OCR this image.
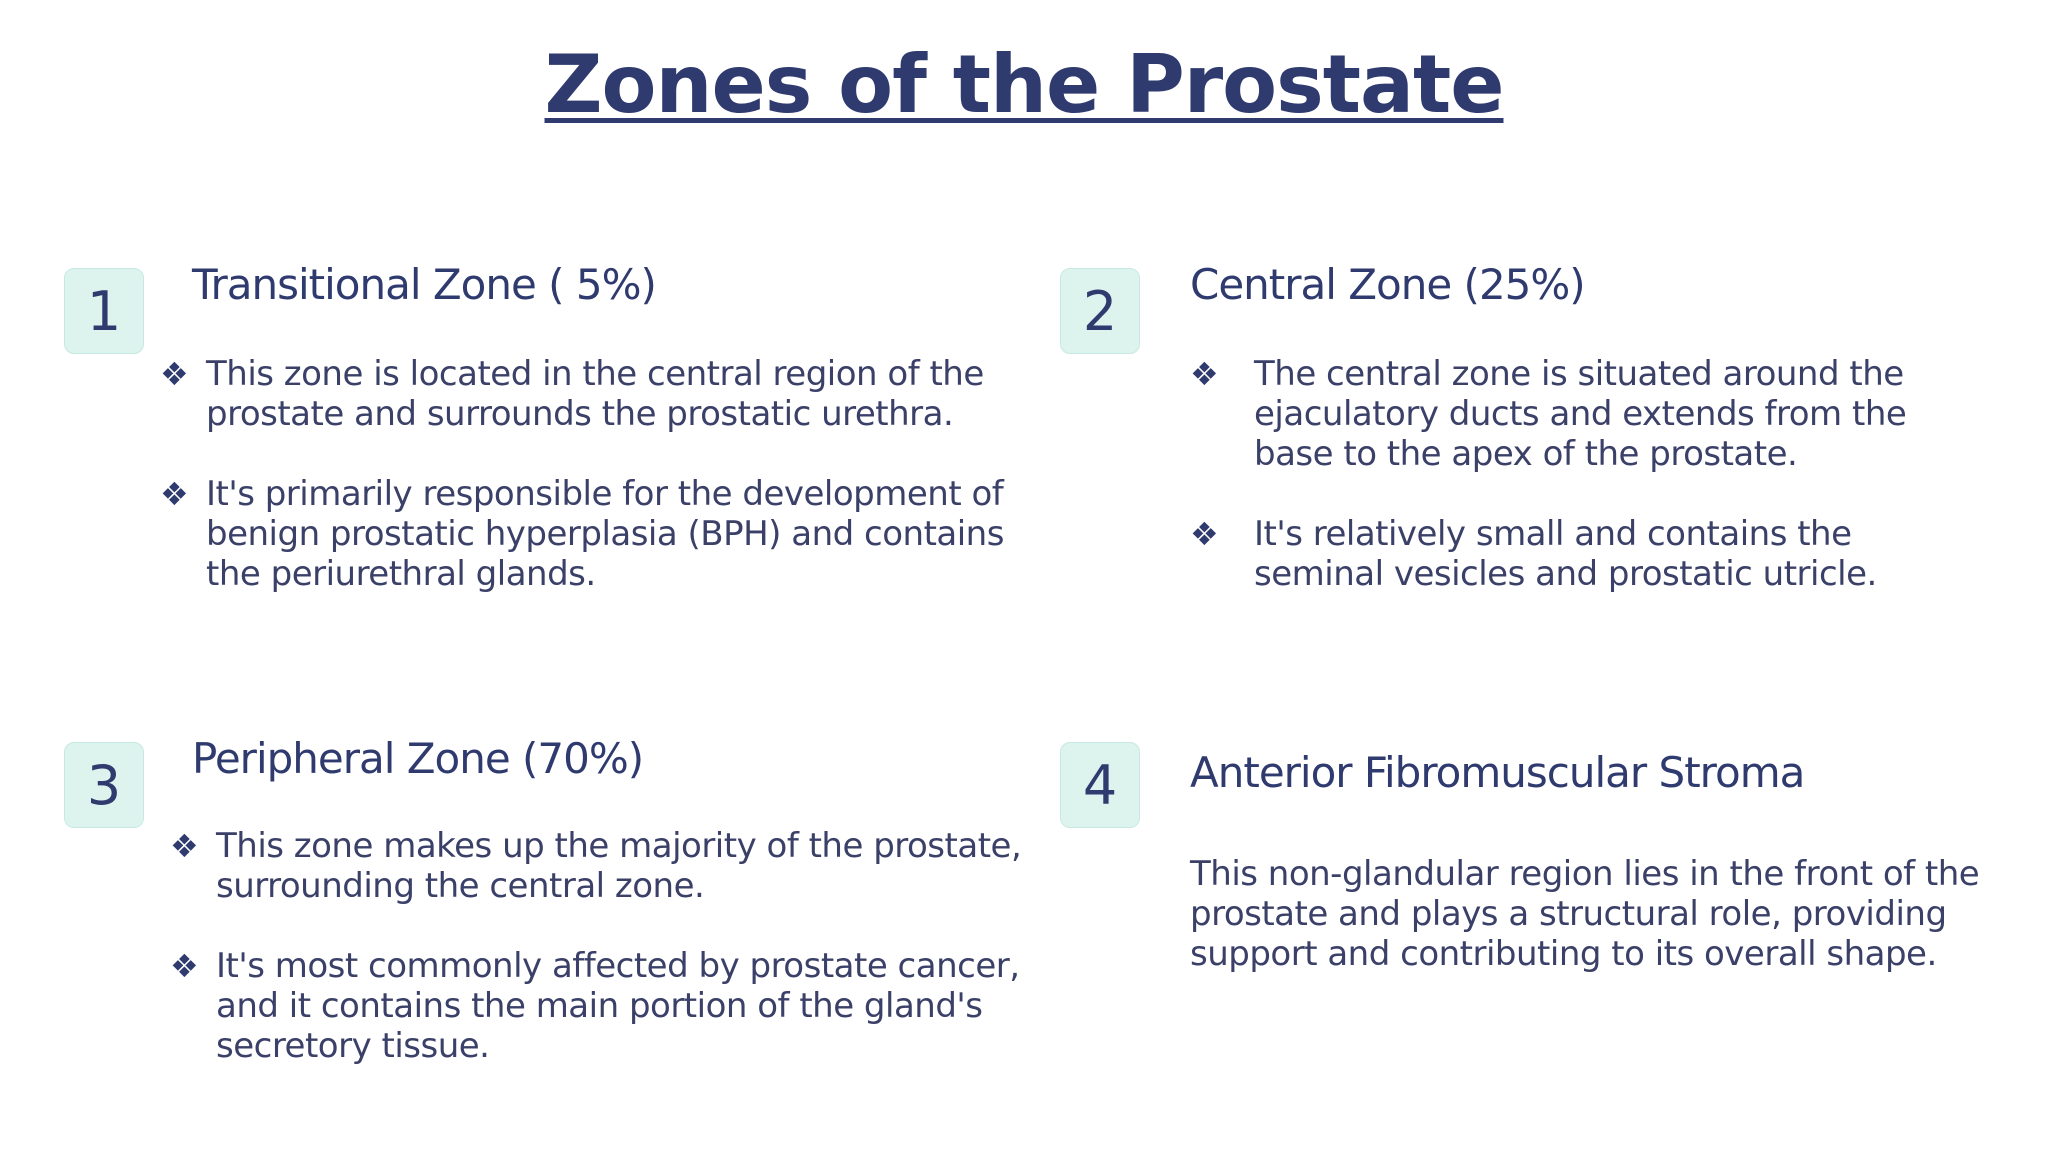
Zones of the Prostate
1	Transitional Zone ( 5%)
❖ This zone is located in the central region of the prostate and surrounds the prostatic urethra.
❖ It's primarily responsible for the development of benign prostatic hyperplasia (BPH) and contains the periurethral glands.
2	Central Zone (25%)
❖ The central zone is situated around the ejaculatory ducts and extends from the base to the apex of the prostate.
❖ It's relatively small and contains the seminal vesicles and prostatic utricle.
3	Peripheral Zone (70%)
❖ This zone makes up the majority of the prostate, surrounding the central zone.
❖ It's most commonly affected by prostate cancer, and it contains the main portion of the gland's secretory tissue.
4	Anterior Fibromuscular Stroma
This non-glandular region lies in the front of the prostate and plays a structural role, providing support and contributing to its overall shape.
